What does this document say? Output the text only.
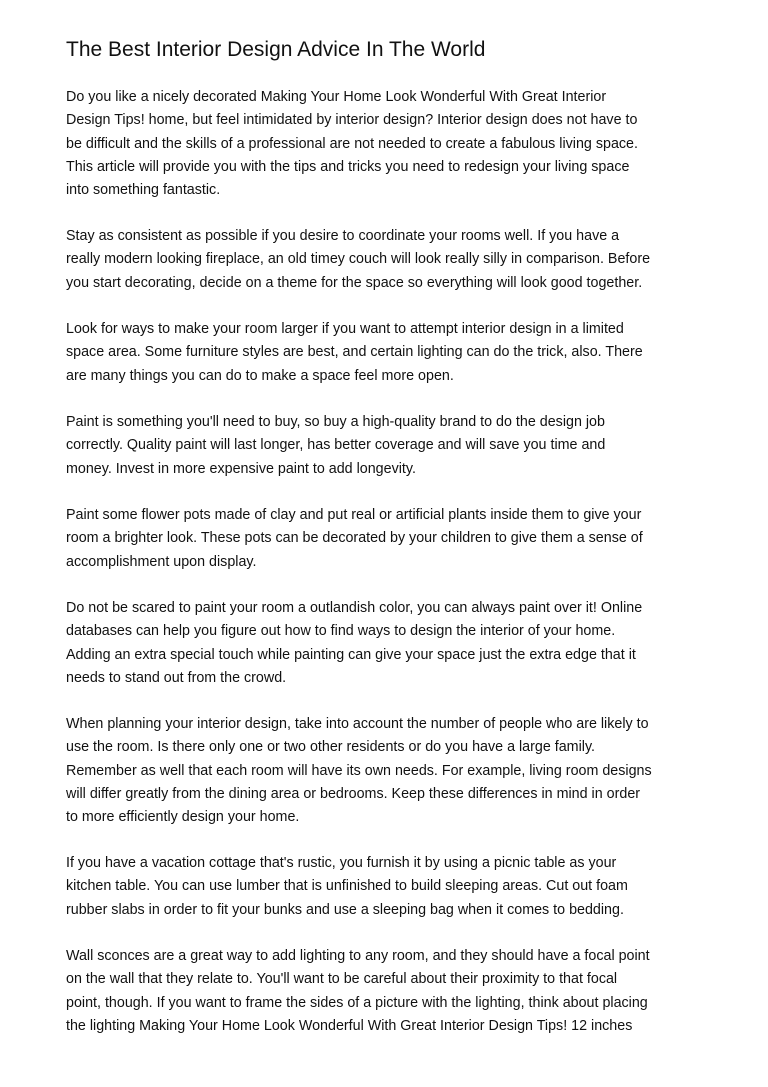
The Best Interior Design Advice In The World

Do you like a nicely decorated Making Your Home Look Wonderful With Great Interior
Design Tips! home, but feel intimidated by interior design? Interior design does not have to
be difficult and the skills of a professional are not needed to create a fabulous living space.
This article will provide you with the tips and tricks you need to redesign your living space
into something fantastic.

Stay as consistent as possible if you desire to coordinate your rooms well. If you have a
really modern looking fireplace, an old timey couch will look really silly in comparison. Before
you start decorating, decide on a theme for the space so everything will look good together.

Look for ways to make your room larger if you want to attempt interior design in a limited
space area. Some furniture styles are best, and certain lighting can do the trick, also. There
are many things you can do to make a space feel more open.

Paint is something you'll need to buy, so buy a high-quality brand to do the design job
correctly. Quality paint will last longer, has better coverage and will save you time and
money. Invest in more expensive paint to add longevity.

Paint some flower pots made of clay and put real or artificial plants inside them to give your
room a brighter look. These pots can be decorated by your children to give them a sense of
accomplishment upon display.

Do not be scared to paint your room a outlandish color, you can always paint over it! Online
databases can help you figure out how to find ways to design the interior of your home.
Adding an extra special touch while painting can give your space just the extra edge that it
needs to stand out from the crowd.

When planning your interior design, take into account the number of people who are likely to
use the room. Is there only one or two other residents or do you have a large family.
Remember as well that each room will have its own needs. For example, living room designs
will differ greatly from the dining area or bedrooms. Keep these differences in mind in order
to more efficiently design your home.

If you have a vacation cottage that's rustic, you furnish it by using a picnic table as your
kitchen table. You can use lumber that is unfinished to build sleeping areas. Cut out foam
rubber slabs in order to fit your bunks and use a sleeping bag when it comes to bedding.

Wall sconces are a great way to add lighting to any room, and they should have a focal point
on the wall that they relate to. You'll want to be careful about their proximity to that focal
point, though. If you want to frame the sides of a picture with the lighting, think about placing
the lighting Making Your Home Look Wonderful With Great Interior Design Tips! 12 inches
